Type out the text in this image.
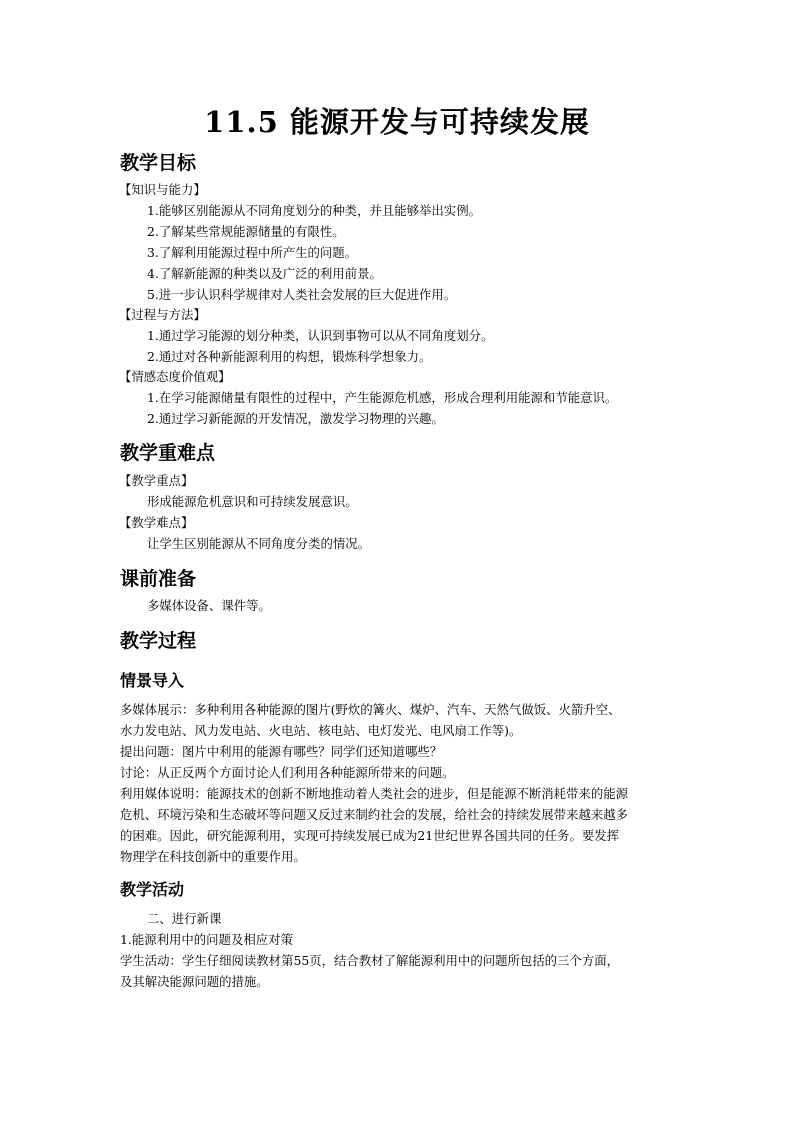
11.5 能源开发与可持续发展
教学目标
【知识与能力】
1.能够区别能源从不同角度划分的种类，并且能够举出实例。
2.了解某些常规能源储量的有限性。
3.了解利用能源过程中所产生的问题。
4.了解新能源的种类以及广泛的利用前景。
5.进一步认识科学规律对人类社会发展的巨大促进作用。
【过程与方法】
1.通过学习能源的划分种类，认识到事物可以从不同角度划分。
2.通过对各种新能源利用的构想，锻炼科学想象力。
【情感态度价值观】
1.在学习能源储量有限性的过程中，产生能源危机感，形成合理利用能源和节能意识。
2.通过学习新能源的开发情况，激发学习物理的兴趣。
教学重难点
【教学重点】
形成能源危机意识和可持续发展意识。
【教学难点】
让学生区别能源从不同角度分类的情况。
课前准备
多媒体设备、课件等。
教学过程
情景导入
多媒体展示：多种利用各种能源的图片(野炊的篝火、煤炉、汽车、天然气做饭、火箭升空、
水力发电站、风力发电站、火电站、核电站、电灯发光、电风扇工作等)。
提出问题：图片中利用的能源有哪些？同学们还知道哪些？
讨论：从正反两个方面讨论人们利用各种能源所带来的问题。
利用媒体说明：能源技术的创新不断地推动着人类社会的进步，但是能源不断消耗带来的能源
危机、环境污染和生态破坏等问题又反过来制约社会的发展，给社会的持续发展带来越来越多
的困难。因此，研究能源利用，实现可持续发展已成为21世纪世界各国共同的任务。要发挥
物理学在科技创新中的重要作用。
教学活动
二、进行新课
1.能源利用中的问题及相应对策
学生活动：学生仔细阅读教材第55页，结合教材了解能源利用中的问题所包括的三个方面，
及其解决能源问题的措施。
